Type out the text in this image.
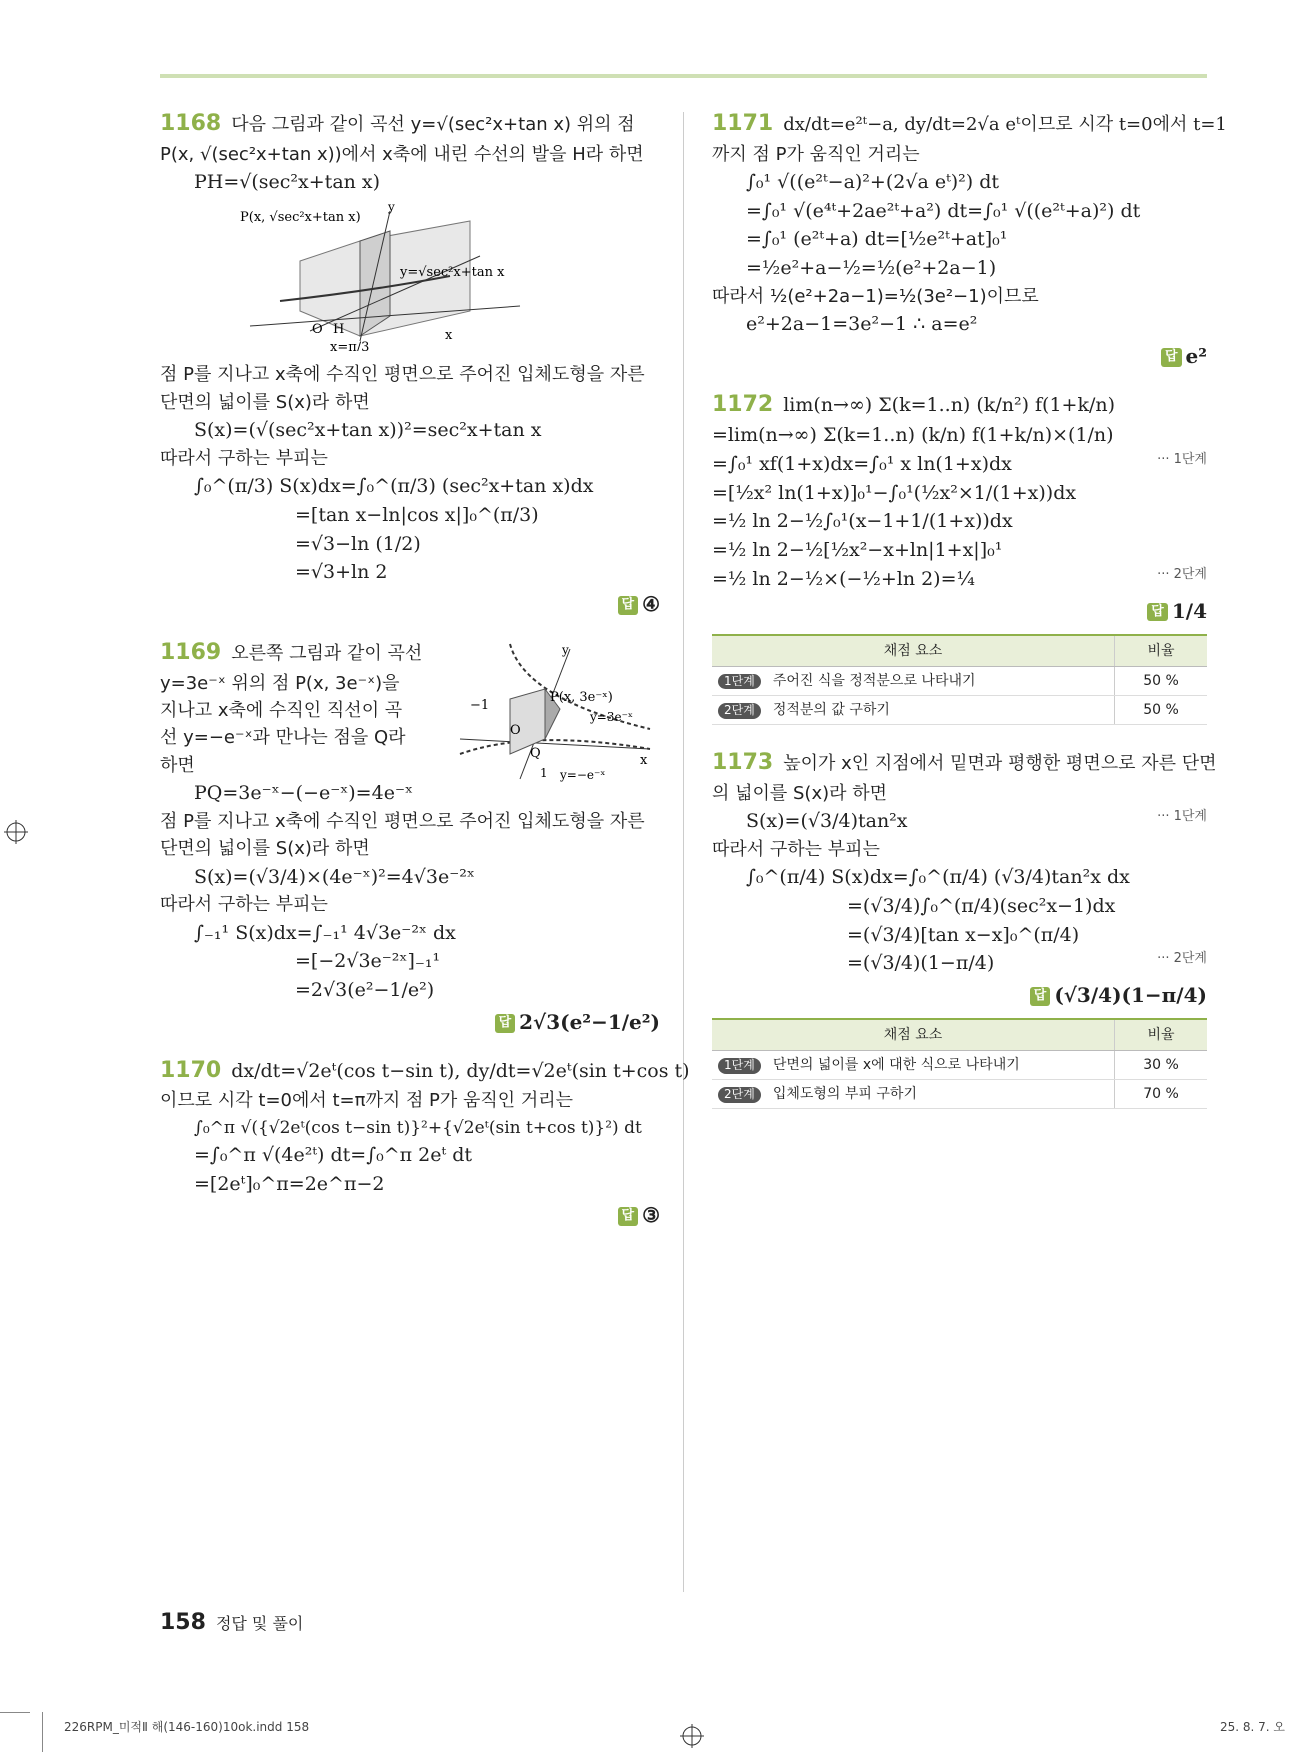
1168 다음 그림과 같이 곡선 y=√(sec²x+tan x) 위의 점
P(x, √(sec²x+tan x))에서 x축에 내린 수선의 발을 H라 하면
PH=√(sec²x+tan x)
P(x, √sec²x+tan x)
y
y=√sec²x+tan x
O H	x
x=π/3
점 P를 지나고 x축에 수직인 평면으로 주어진 입체도형을 자른
단면의 넓이를 S(x)라 하면
S(x)=(√(sec²x+tan x))²=sec²x+tan x
따라서 구하는 부피는
∫₀^(π/3) S(x)dx=∫₀^(π/3) (sec²x+tan x)dx
=[tan x−ln|cos x|]₀^(π/3)
=√3−ln (1/2)
=√3+ln 2
답 ④
y
P(x, 3e⁻ˣ)
y=3e⁻ˣ
−1
O
Q	x
1 y=−e⁻ˣ
1169 오른쪽 그림과 같이 곡선
y=3e⁻ˣ 위의 점 P(x, 3e⁻ˣ)을
지나고 x축에 수직인 직선이 곡
선 y=−e⁻ˣ과 만나는 점을 Q라
하면
PQ=3e⁻ˣ−(−e⁻ˣ)=4e⁻ˣ
점 P를 지나고 x축에 수직인 평면으로 주어진 입체도형을 자른
단면의 넓이를 S(x)라 하면
S(x)=(√3/4)×(4e⁻ˣ)²=4√3e⁻²ˣ
따라서 구하는 부피는
∫₋₁¹ S(x)dx=∫₋₁¹ 4√3e⁻²ˣ dx
=[−2√3e⁻²ˣ]₋₁¹
=2√3(e²−1/e²)
답 2√3(e²−1/e²)
1170 dx/dt=√2eᵗ(cos t−sin t), dy/dt=√2eᵗ(sin t+cos t)
이므로 시각 t=0에서 t=π까지 점 P가 움직인 거리는
∫₀^π √({√2eᵗ(cos t−sin t)}²+{√2eᵗ(sin t+cos t)}²) dt
=∫₀^π √(4e²ᵗ) dt=∫₀^π 2eᵗ dt
=[2eᵗ]₀^π=2e^π−2
답 ③
1171 dx/dt=e²ᵗ−a, dy/dt=2√a eᵗ이므로 시각 t=0에서 t=1
까지 점 P가 움직인 거리는
∫₀¹ √((e²ᵗ−a)²+(2√a eᵗ)²) dt
=∫₀¹ √(e⁴ᵗ+2ae²ᵗ+a²) dt=∫₀¹ √((e²ᵗ+a)²) dt
=∫₀¹ (e²ᵗ+a) dt=[½e²ᵗ+at]₀¹
=½e²+a−½=½(e²+2a−1)
따라서 ½(e²+2a−1)=½(3e²−1)이므로
e²+2a−1=3e²−1 ∴ a=e²
답 e²
1172 lim(n→∞) Σ(k=1..n) (k/n²) f(1+k/n)
=lim(n→∞) Σ(k=1..n) (k/n) f(1+k/n)×(1/n)
=∫₀¹ xf(1+x)dx=∫₀¹ x ln(1+x)dx	··· 1단계
=[½x² ln(1+x)]₀¹−∫₀¹(½x²×1/(1+x))dx
=½ ln 2−½∫₀¹(x−1+1/(1+x))dx
=½ ln 2−½[½x²−x+ln|1+x|]₀¹
=½ ln 2−½×(−½+ln 2)=¼	··· 2단계
답 1/4
채점 요소	비율
1단계 주어진 식을 정적분으로 나타내기	50 %
2단계 정적분의 값 구하기	50 %
1173 높이가 x인 지점에서 밑면과 평행한 평면으로 자른 단면
의 넓이를 S(x)라 하면
S(x)=(√3/4)tan²x	··· 1단계
따라서 구하는 부피는
∫₀^(π/4) S(x)dx=∫₀^(π/4) (√3/4)tan²x dx
=(√3/4)∫₀^(π/4)(sec²x−1)dx
=(√3/4)[tan x−x]₀^(π/4)
=(√3/4)(1−π/4)	··· 2단계
답 (√3/4)(1−π/4)
채점 요소	비율
1단계 단면의 넓이를 x에 대한 식으로 나타내기	30 %
2단계 입체도형의 부피 구하기	70 %
158 정답 및 풀이
226RPM_미적Ⅱ 해(146-160)10ok.indd 158	25. 8. 7. 오
